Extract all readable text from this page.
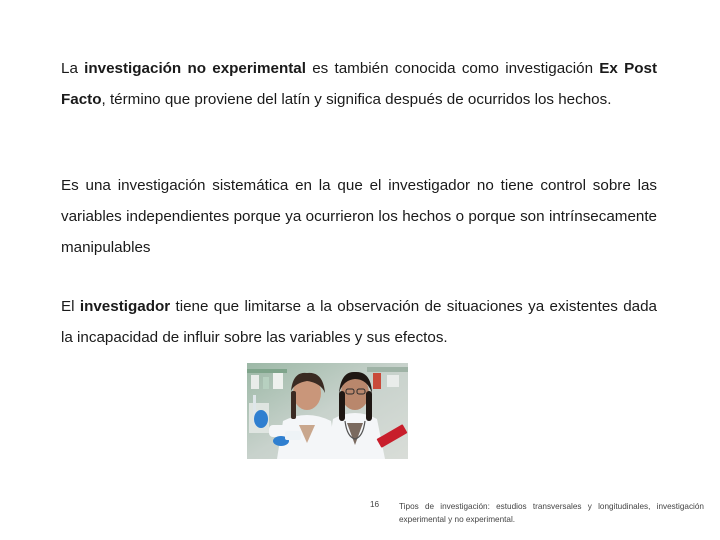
La investigación no experimental es también conocida como investigación Ex Post Facto, término que proviene del latín y significa después de ocurridos los hechos.

Es una investigación sistemática en la que el investigador no tiene control sobre las variables independientes porque ya ocurrieron los hechos o porque son intrínsecamente manipulables

El investigador tiene que limitarse a la observación de situaciones ya existentes dada la incapacidad de influir sobre las variables y sus efectos.

16 Tipos de investigación: estudios transversales y longitudinales, investigación experimental y no experimental.
